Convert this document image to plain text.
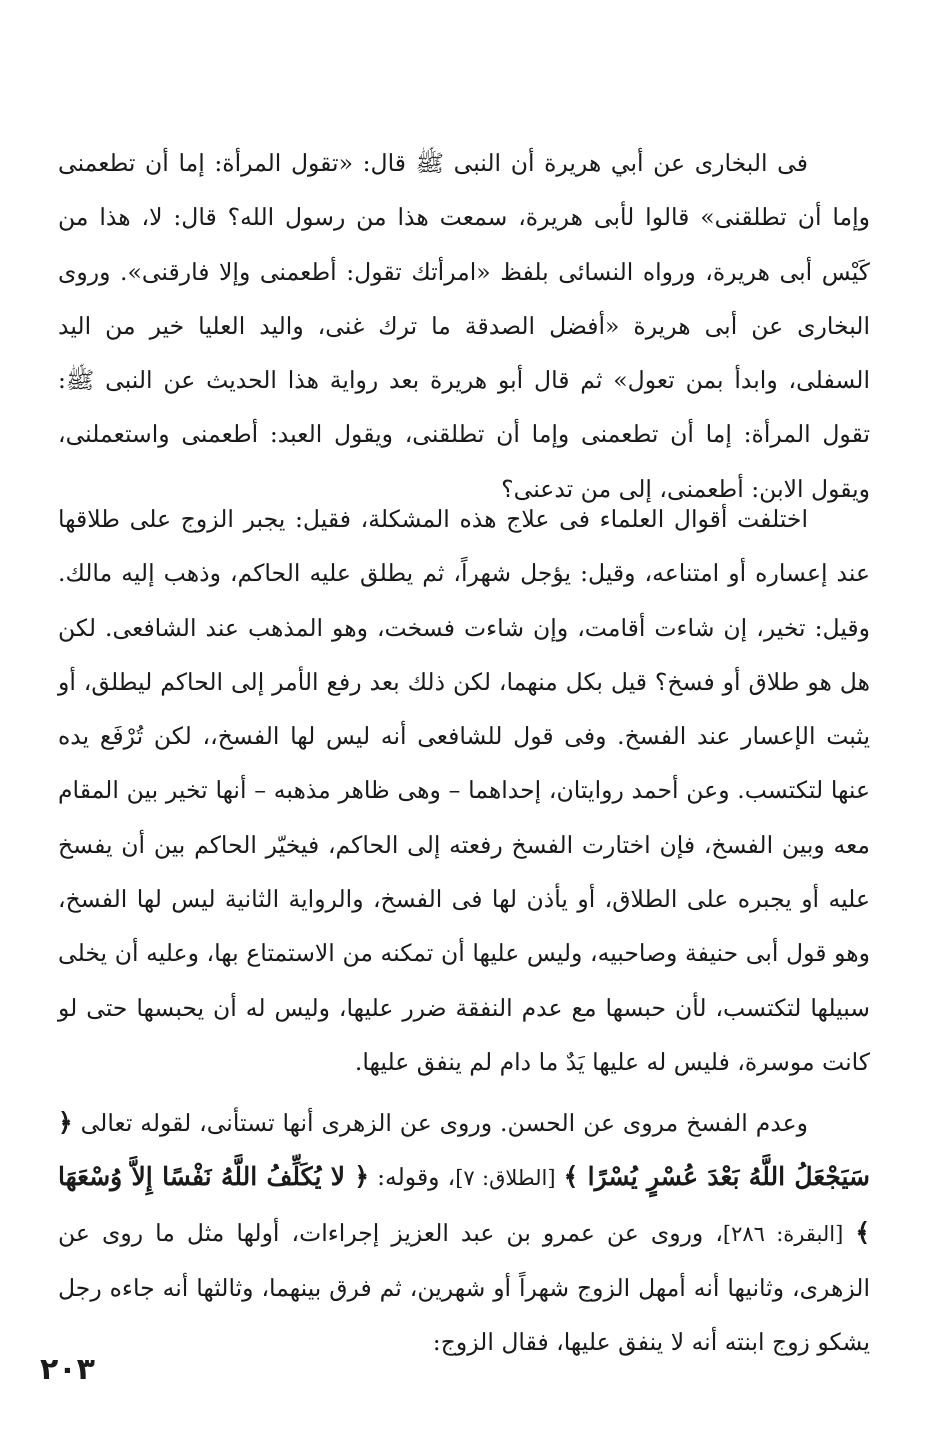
فى البخارى عن أبي هريرة أن النبى ﷺ قال: «تقول المرأة: إما أن تطعمنى وإما أن تطلقنى» قالوا لأبى هريرة، سمعت هذا من رسول الله؟ قال: لا، هذا من كَيْس أبى هريرة، ورواه النسائى بلفظ «امرأتك تقول: أطعمنى وإلا فارقنى». وروى البخارى عن أبى هريرة «أفضل الصدقة ما ترك غنى، واليد العليا خير من اليد السفلى، وابدأ بمن تعول» ثم قال أبو هريرة بعد رواية هذا الحديث عن النبى ﷺ: تقول المرأة: إما أن تطعمنى وإما أن تطلقنى، ويقول العبد: أطعمنى واستعملنى، ويقول الابن: أطعمنى، إلى من تدعنى؟

اختلفت أقوال العلماء فى علاج هذه المشكلة، فقيل: يجبر الزوج على طلاقها عند إعساره أو امتناعه، وقيل: يؤجل شهراً، ثم يطلق عليه الحاكم، وذهب إليه مالك. وقيل: تخير، إن شاءت أقامت، وإن شاءت فسخت، وهو المذهب عند الشافعى. لكن هل هو طلاق أو فسخ؟ قيل بكل منهما، لكن ذلك بعد رفع الأمر إلى الحاكم ليطلق، أو يثبت الإعسار عند الفسخ. وفى قول للشافعى أنه ليس لها الفسخ،، لكن تُرْفَع يده عنها لتكتسب. وعن أحمد روايتان، إحداهما – وهى ظاهر مذهبه – أنها تخير بين المقام معه وبين الفسخ، فإن اختارت الفسخ رفعته إلى الحاكم، فيخيّر الحاكم بين أن يفسخ عليه أو يجبره على الطلاق، أو يأذن لها فى الفسخ، والرواية الثانية ليس لها الفسخ، وهو قول أبى حنيفة وصاحبيه، وليس عليها أن تمكنه من الاستمتاع بها، وعليه أن يخلى سبيلها لتكتسب، لأن حبسها مع عدم النفقة ضرر عليها، وليس له أن يحبسها حتى لو كانت موسرة، فليس له عليها يَدٌ ما دام لم ينفق عليها.

وعدم الفسخ مروى عن الحسن. وروى عن الزهرى أنها تستأنى، لقوله تعالى ﴿ سَيَجْعَلُ اللَّهُ بَعْدَ عُسْرٍ يُسْرًا ﴾ [الطلاق: ٧]، وقوله: ﴿ لا يُكَلِّفُ اللَّهُ نَفْسًا إِلاَّ وُسْعَهَا ﴾ [البقرة: ٢٨٦]، وروى عن عمرو بن عبد العزيز إجراءات، أولها مثل ما روى عن الزهرى، وثانيها أنه أمهل الزوج شهراً أو شهرين، ثم فرق بينهما، وثالثها أنه جاءه رجل يشكو زوج ابنته أنه لا ينفق عليها، فقال الزوج:

٢٠٣
